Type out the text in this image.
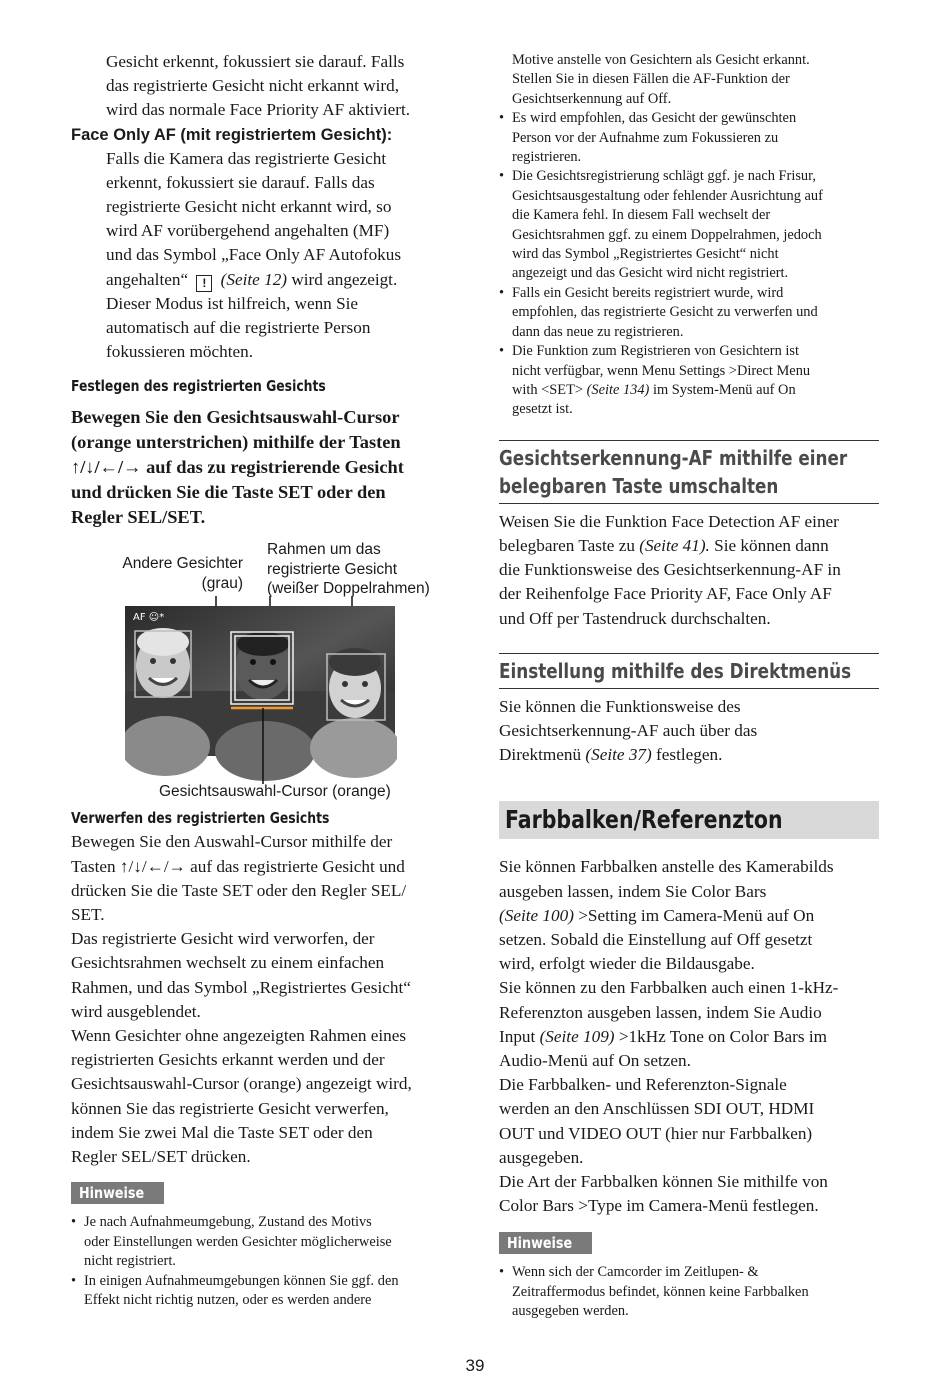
Gesicht erkennt, fokussiert sie darauf. Falls
das registrierte Gesicht nicht erkannt wird,
wird das normale Face Priority AF aktiviert.
Face Only AF (mit registriertem Gesicht):
Falls die Kamera das registrierte Gesicht
erkennt, fokussiert sie darauf. Falls das
registrierte Gesicht nicht erkannt wird, so
wird AF vorübergehend angehalten (MF)
und das Symbol „Face Only AF Autofokus
angehalten“ ! (Seite 12) wird angezeigt.
Dieser Modus ist hilfreich, wenn Sie
automatisch auf die registrierte Person
fokussieren möchten.
Festlegen des registrierten Gesichts
Bewegen Sie den Gesichtsauswahl-Cursor
(orange unterstrichen) mithilfe der Tasten
↑/↓/←/→ auf das zu registrierende Gesicht
und drücken Sie die Taste SET oder den
Regler SEL/SET.
Andere Gesichter
(grau)
Rahmen um das
registrierte Gesicht
(weißer Doppelrahmen)
AF ☺*
Gesichtsauswahl-Cursor (orange)
Verwerfen des registrierten Gesichts
Bewegen Sie den Auswahl-Cursor mithilfe der
Tasten ↑/↓/←/→ auf das registrierte Gesicht und
drücken Sie die Taste SET oder den Regler SEL/
SET.
Das registrierte Gesicht wird verworfen, der
Gesichtsrahmen wechselt zu einem einfachen
Rahmen, und das Symbol „Registriertes Gesicht“
wird ausgeblendet.
Wenn Gesichter ohne angezeigten Rahmen eines
registrierten Gesichts erkannt werden und der
Gesichtsauswahl-Cursor (orange) angezeigt wird,
können Sie das registrierte Gesicht verwerfen,
indem Sie zwei Mal die Taste SET oder den
Regler SEL/SET drücken.
Hinweise
• Je nach Aufnahmeumgebung, Zustand des Motivs
oder Einstellungen werden Gesichter möglicherweise
nicht registriert.
• In einigen Aufnahmeumgebungen können Sie ggf. den
Effekt nicht richtig nutzen, oder es werden andere
Motive anstelle von Gesichtern als Gesicht erkannt.
Stellen Sie in diesen Fällen die AF-Funktion der
Gesichtserkennung auf Off.
• Es wird empfohlen, das Gesicht der gewünschten
Person vor der Aufnahme zum Fokussieren zu
registrieren.
• Die Gesichtsregistrierung schlägt ggf. je nach Frisur,
Gesichtsausgestaltung oder fehlender Ausrichtung auf
die Kamera fehl. In diesem Fall wechselt der
Gesichtsrahmen ggf. zu einem Doppelrahmen, jedoch
wird das Symbol „Registriertes Gesicht“ nicht
angezeigt und das Gesicht wird nicht registriert.
• Falls ein Gesicht bereits registriert wurde, wird
empfohlen, das registrierte Gesicht zu verwerfen und
dann das neue zu registrieren.
• Die Funktion zum Registrieren von Gesichtern ist
nicht verfügbar, wenn Menu Settings >Direct Menu
with <SET> (Seite 134) im System-Menü auf On
gesetzt ist.
Gesichtserkennung-AF mithilfe einer
belegbaren Taste umschalten
Weisen Sie die Funktion Face Detection AF einer
belegbaren Taste zu (Seite 41). Sie können dann
die Funktionsweise des Gesichtserkennung-AF in
der Reihenfolge Face Priority AF, Face Only AF
und Off per Tastendruck durchschalten.
Einstellung mithilfe des Direktmenüs
Sie können die Funktionsweise des
Gesichtserkennung-AF auch über das
Direktmenü (Seite 37) festlegen.
Farbbalken/Referenzton
Sie können Farbbalken anstelle des Kamerabilds
ausgeben lassen, indem Sie Color Bars
(Seite 100) >Setting im Camera-Menü auf On
setzen. Sobald die Einstellung auf Off gesetzt
wird, erfolgt wieder die Bildausgabe.
Sie können zu den Farbbalken auch einen 1-kHz-
Referenzton ausgeben lassen, indem Sie Audio
Input (Seite 109) >1kHz Tone on Color Bars im
Audio-Menü auf On setzen.
Die Farbbalken- und Referenzton-Signale
werden an den Anschlüssen SDI OUT, HDMI
OUT und VIDEO OUT (hier nur Farbbalken)
ausgegeben.
Die Art der Farbbalken können Sie mithilfe von
Color Bars >Type im Camera-Menü festlegen.
Hinweise
• Wenn sich der Camcorder im Zeitlupen- &
Zeitraffermodus befindet, können keine Farbbalken
ausgegeben werden.
39
